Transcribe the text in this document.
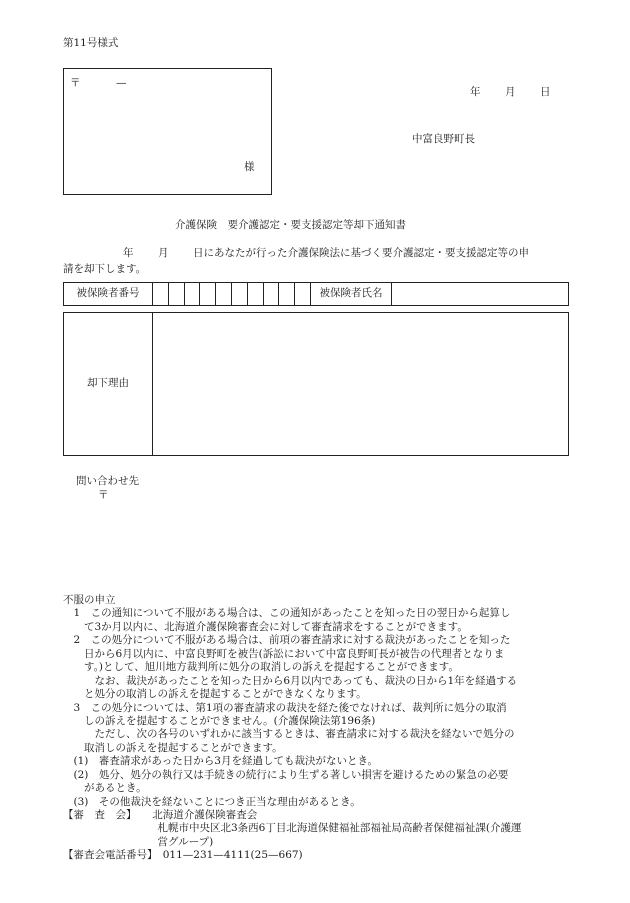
第11号様式
〒	—
様
年 月 日
中富良野町長
介護保険　要介護認定・要支援認定等却下通知書
年 月 日にあなたが行った介護保険法に基づく要介護認定・要支援認定等の申
請を却下します。
被保険者番号	被保険者氏名
却下理由
問い合わせ先
〒
不服の申立
　1　この通知について不服がある場合は、この通知があったことを知った日の翌日から起算し
　　て3か月以内に、北海道介護保険審査会に対して審査請求をすることができます。
　2　この処分について不服がある場合は、前項の審査請求に対する裁決があったことを知った
　　日から6月以内に、中富良野町を被告(訴訟において中富良野町長が被告の代理者となりま
　　す。)として、旭川地方裁判所に処分の取消しの訴えを提起することができます。
　　　なお、裁決があったことを知った日から6月以内であっても、裁決の日から1年を経過する
　　と処分の取消しの訴えを提起することができなくなります。
　3　この処分については、第1項の審査請求の裁決を経た後でなければ、裁判所に処分の取消
　　しの訴えを提起することができません。(介護保険法第196条)
　　　ただし、次の各号のいずれかに該当するときは、審査請求に対する裁決を経ないで処分の
　　取消しの訴えを提起することができます。
　(1)　審査請求があった日から3月を経過しても裁決がないとき。
　(2)　処分、処分の執行又は手続きの続行により生ずる著しい損害を避けるための緊急の必要
　　があるとき。
　(3)　その他裁決を経ないことにつき正当な理由があるとき。
【審　査　会】　　北海道介護保険審査会
　　　　　　　　　札幌市中央区北3条西6丁目北海道保健福祉部福祉局高齢者保健福祉課(介護運
　　　　　　　　　営グループ)
【審査会電話番号】　011—231—4111(25—667)
